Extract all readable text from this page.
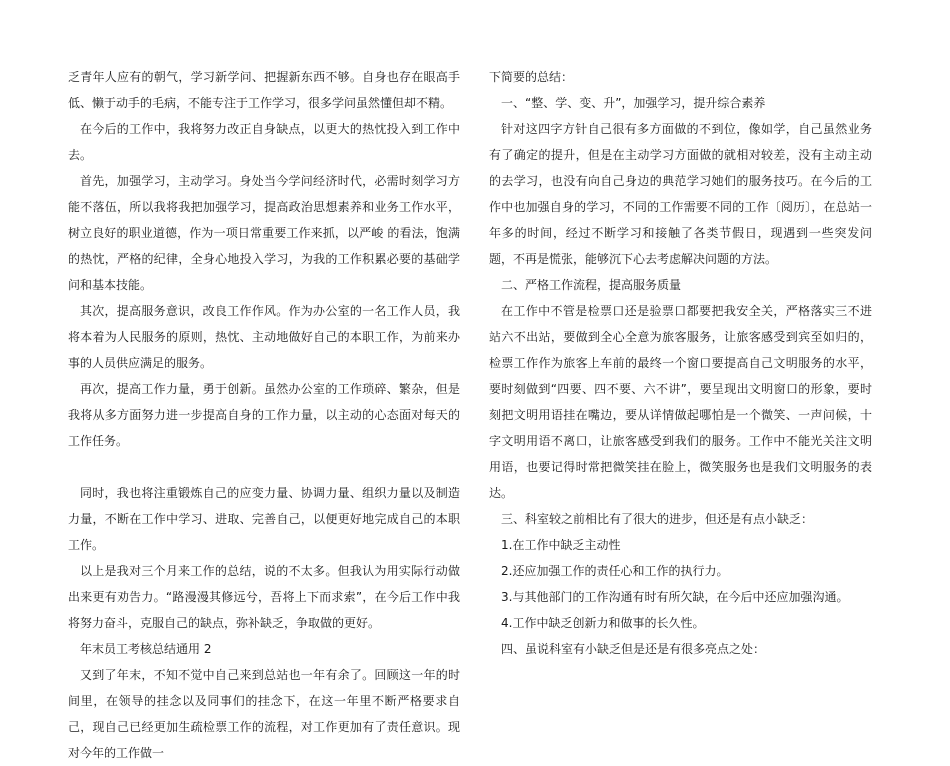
乏青年人应有的朝气，学习新学问、把握新东西不够。自身也存在眼高手低、懒于动手的毛病，不能专注于工作学习，很多学问虽然懂但却不精。

在今后的工作中，我将努力改正自身缺点，以更大的热忱投入到工作中去。

首先，加强学习，主动学习。身处当今学问经济时代，必需时刻学习方能不落伍，所以我将我把加强学习，提高政治思想素养和业务工作水平，树立良好的职业道德，作为一项日常重要工作来抓，以严峻 的看法，饱满的热忱，严格的纪律，全身心地投入学习，为我的工作积累必要的基础学问和基本技能。

其次，提高服务意识，改良工作作风。作为办公室的一名工作人员，我将本着为人民服务的原则，热忱、主动地做好自己的本职工作，为前来办事的人员供应满足的服务。

再次，提高工作力量，勇于创新。虽然办公室的工作琐碎、繁杂，但是我将从多方面努力进一步提高自身的工作力量，以主动的心态面对每天的工作任务。

同时，我也将注重锻炼自己的应变力量、协调力量、组织力量以及制造力量，不断在工作中学习、进取、完善自己，以便更好地完成自己的本职工作。

以上是我对三个月来工作的总结，说的不太多。但我认为用实际行动做出来更有劝告力。“路漫漫其修远兮，吾将上下而求索”，在今后工作中我将努力奋斗，克服自己的缺点，弥补缺乏，争取做的更好。

年末员工考核总结通用 2

又到了年末，不知不觉中自己来到总站也一年有余了。回顾这一年的时间里，在领导的挂念以及同事们的挂念下，在这一年里不断严格要求自己，现自己已经更加生疏检票工作的流程，对工作更加有了责任意识。现对今年的工作做一

下简要的总结：

一、“整、学、变、升”，加强学习，提升综合素养

针对这四字方针自己很有多方面做的不到位，像如学，自己虽然业务有了确定的提升，但是在主动学习方面做的就相对较差，没有主动主动的去学习，也没有向自己身边的典范学习她们的服务技巧。在今后的工作中也加强自身的学习，不同的工作需要不同的工作〔阅历〕，在总站一年多的时间，经过不断学习和接触了各类节假日，现遇到一些突发问题，不再是慌张，能够沉下心去考虑解决问题的方法。

二、严格工作流程，提高服务质量

在工作中不管是检票口还是验票口都要把我安全关，严格落实三不进站六不出站，要做到全心全意为旅客服务，让旅客感受到宾至如归的，检票工作作为旅客上车前的最终一个窗口要提高自己文明服务的水平，要时刻做到“四要、四不要、六不讲”，要呈现出文明窗口的形象，要时刻把文明用语挂在嘴边，要从详情做起哪怕是一个微笑、一声问候，十字文明用语不离口，让旅客感受到我们的服务。工作中不能光关注文明用语，也要记得时常把微笑挂在脸上，微笑服务也是我们文明服务的表达。

三、科室较之前相比有了很大的进步，但还是有点小缺乏：

1.在工作中缺乏主动性

2.还应加强工作的责任心和工作的执行力。

3.与其他部门的工作沟通有时有所欠缺，在今后中还应加强沟通。

4.工作中缺乏创新力和做事的长久性。

四、虽说科室有小缺乏但是还是有很多亮点之处：
